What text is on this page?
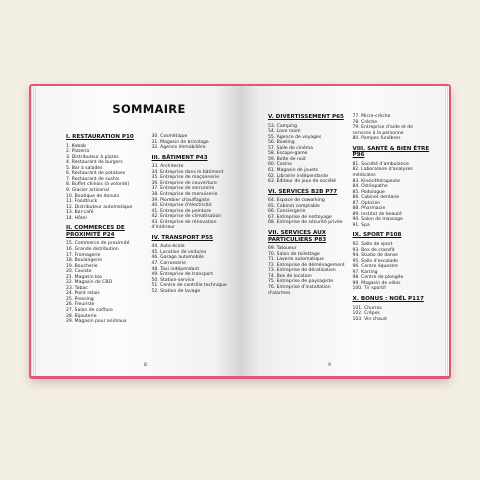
SOMMAIRE
I. RESTAURATION P10
1. Kebab
2. Pizzeria
3. Distributeur à pizzas
4. Restaurant de burgers
5. Bar à salades
6. Restaurant de potatoes
7. Restaurant de sushis
8. Buffet chinois (à volonté)
9. Glacier artisanal
10. Boutique de donuts
11. Foodtruck
12. Distributeur automatique
13. Bar-café
14. Hôtel
II. COMMERCES DE PROXIMITÉ P24
15. Commerce de proximité
16. Grande distribution
17. Fromagerie
18. Boulangerie
19. Boucherie
20. Caviste
21. Magasin bio
22. Magasin de CBD
23. Tabac
24. Point relais
25. Pressing
26. Fleuriste
27. Salon de coiffure
28. Bijouterie
29. Magasin pour animaux
30. Cosmétique
31. Magasin de bricolage
32. Agence immobilière
III. BÂTIMENT P43
33. Architecte
34. Entreprise dans le bâtiment
35. Entreprise de maçonnerie
36. Entreprise de couverture
37. Entreprise de serrurerie
38. Entreprise de menuiserie
39. Plombier chauffagiste
40. Entreprise d'électricité
41. Entreprise de peinture
42. Entreprise de climatisation
43. Entreprise de rénovation d'intérieur
IV. TRANSPORT P55
44. Auto-école
45. Location de voitures
46. Garage automobile
47. Carrosserie
48. Taxi indépendant
49. Entreprise de transport
50. Station-service
51. Centre de contrôle technique
52. Station de lavage
8
V. DIVERTISSEMENT P65
53. Camping
54. Love room
55. Agence de voyages
56. Bowling
57. Salle de cinéma
58. Escape-game
59. Boîte de nuit
60. Casino
61. Magasin de jouets
62. Librairie indépendante
63. Éditeur de jeux de société
VI. SERVICES B2B P77
64. Espace de coworking
65. Cabinet comptable
66. Conciergerie
67. Entreprise de nettoyage
68. Entreprise de sécurité privée
VII. SERVICES AUX PARTICULIERS P83
69. Tatoueur
70. Salon de toilettage
71. Laverie automatique
72. Entreprise de déménagement
73. Entreprise de dératisation
74. Box de location
75. Entreprise de paysagiste
76. Entreprise d'installation d'alarmes
77. Micro-crèche
78. Crèche
79. Entreprise d'aide et de services à la personne
80. Pompes funèbres
VIII. SANTÉ & BIEN ÊTRE P96
81. Société d'ambulance
82. Laboratoire d'analyses médicales
83. Kinésithérapeute
84. Ostéopathe
85. Podologue
86. Cabinet dentaire
87. Opticien
88. Pharmacie
89. Institut de beauté
90. Salon de massage
91. Spa
IX. SPORT P108
92. Salle de sport
93. Box de crossfit
94. Studio de danse
95. Salle d'escalade
96. Centre équestre
97. Karting
98. Centre de plongée
99. Magasin de vélos
100. Tir sportif
X. BONUS : NOËL P117
101. Churros
102. Crêpes
103. Vin chaud
9
